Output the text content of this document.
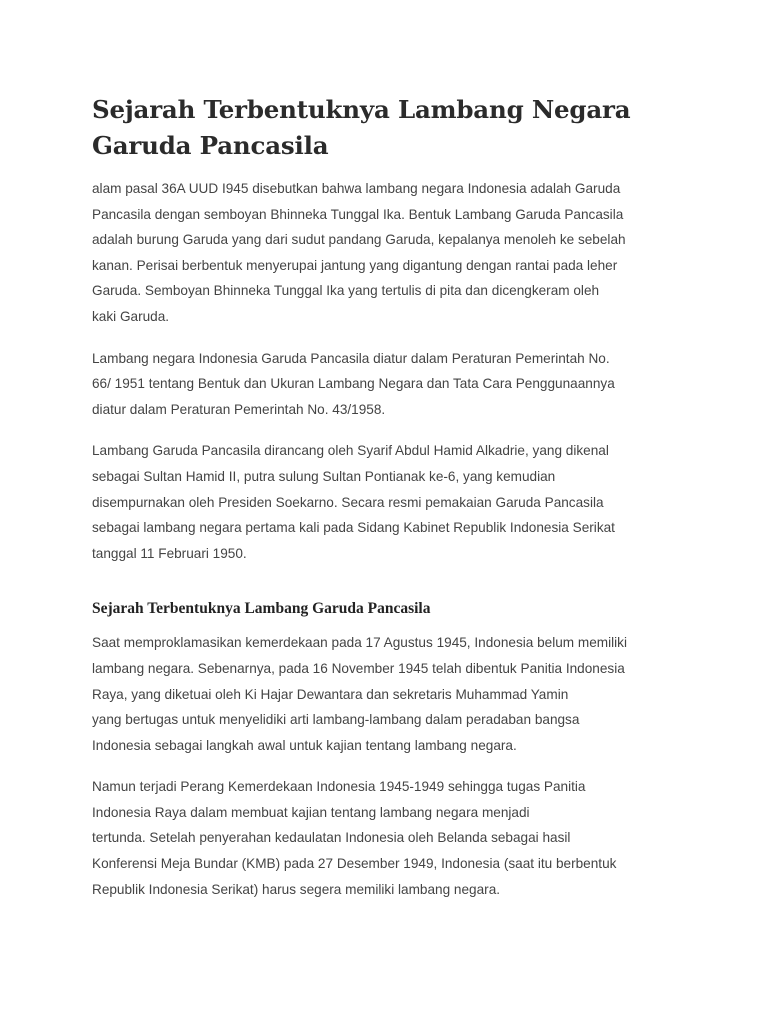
Sejarah Terbentuknya Lambang Negara Garuda Pancasila

alam pasal 36A UUD I945 disebutkan bahwa lambang negara Indonesia adalah Garuda
Pancasila dengan semboyan Bhinneka Tunggal Ika. Bentuk Lambang Garuda Pancasila
adalah burung Garuda yang dari sudut pandang Garuda, kepalanya menoleh ke sebelah
kanan. Perisai berbentuk menyerupai jantung yang digantung dengan rantai pada leher
Garuda. Semboyan Bhinneka Tunggal Ika yang tertulis di pita dan dicengkeram oleh
kaki Garuda.

Lambang negara Indonesia Garuda Pancasila diatur dalam Peraturan Pemerintah No.
66/ 1951 tentang Bentuk dan Ukuran Lambang Negara dan Tata Cara Penggunaannya
diatur dalam Peraturan Pemerintah No. 43/1958.

Lambang Garuda Pancasila dirancang oleh Syarif Abdul Hamid Alkadrie, yang dikenal
sebagai Sultan Hamid II, putra sulung Sultan Pontianak ke-6, yang kemudian
disempurnakan oleh Presiden Soekarno. Secara resmi pemakaian Garuda Pancasila
sebagai lambang negara pertama kali pada Sidang Kabinet Republik Indonesia Serikat
tanggal 11 Februari 1950.

Sejarah Terbentuknya Lambang Garuda Pancasila

Saat memproklamasikan kemerdekaan pada 17 Agustus 1945, Indonesia belum memiliki
lambang negara. Sebenarnya, pada 16 November 1945 telah dibentuk Panitia Indonesia
Raya, yang diketuai oleh Ki Hajar Dewantara dan sekretaris Muhammad Yamin
yang bertugas untuk menyelidiki arti lambang-lambang dalam peradaban bangsa
Indonesia sebagai langkah awal untuk kajian tentang lambang negara.

Namun terjadi Perang Kemerdekaan Indonesia 1945-1949 sehingga tugas Panitia
Indonesia Raya dalam membuat kajian tentang lambang negara menjadi
tertunda. Setelah penyerahan kedaulatan Indonesia oleh Belanda sebagai hasil
Konferensi Meja Bundar (KMB) pada 27 Desember 1949, Indonesia (saat itu berbentuk
Republik Indonesia Serikat) harus segera memiliki lambang negara.
